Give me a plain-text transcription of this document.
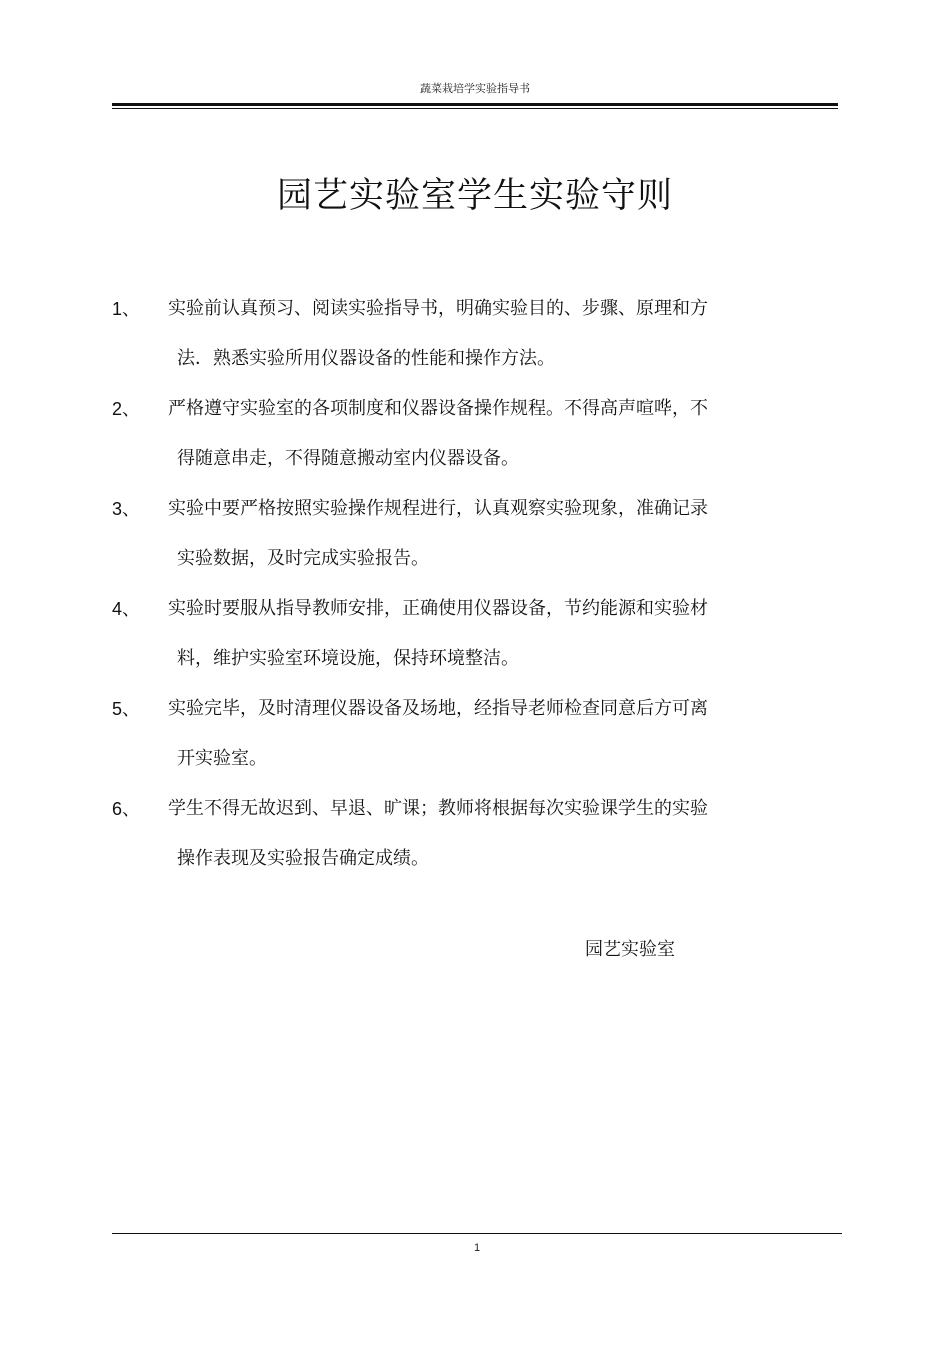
蔬菜栽培学实验指导书
园艺实验室学生实验守则
1、 实验前认真预习、阅读实验指导书，明确实验目的、步骤、原理和方
法．熟悉实验所用仪器设备的性能和操作方法。
2、 严格遵守实验室的各项制度和仪器设备操作规程。不得高声喧哗，不
得随意串走，不得随意搬动室内仪器设备。
3、 实验中要严格按照实验操作规程进行，认真观察实验现象，准确记录
实验数据，及时完成实验报告。
4、 实验时要服从指导教师安排，正确使用仪器设备，节约能源和实验材
料，维护实验室环境设施，保持环境整洁。
5、 实验完毕，及时清理仪器设备及场地，经指导老师检查同意后方可离
开实验室。
6、 学生不得无故迟到、早退、旷课；教师将根据每次实验课学生的实验
操作表现及实验报告确定成绩。
园艺实验室
1
